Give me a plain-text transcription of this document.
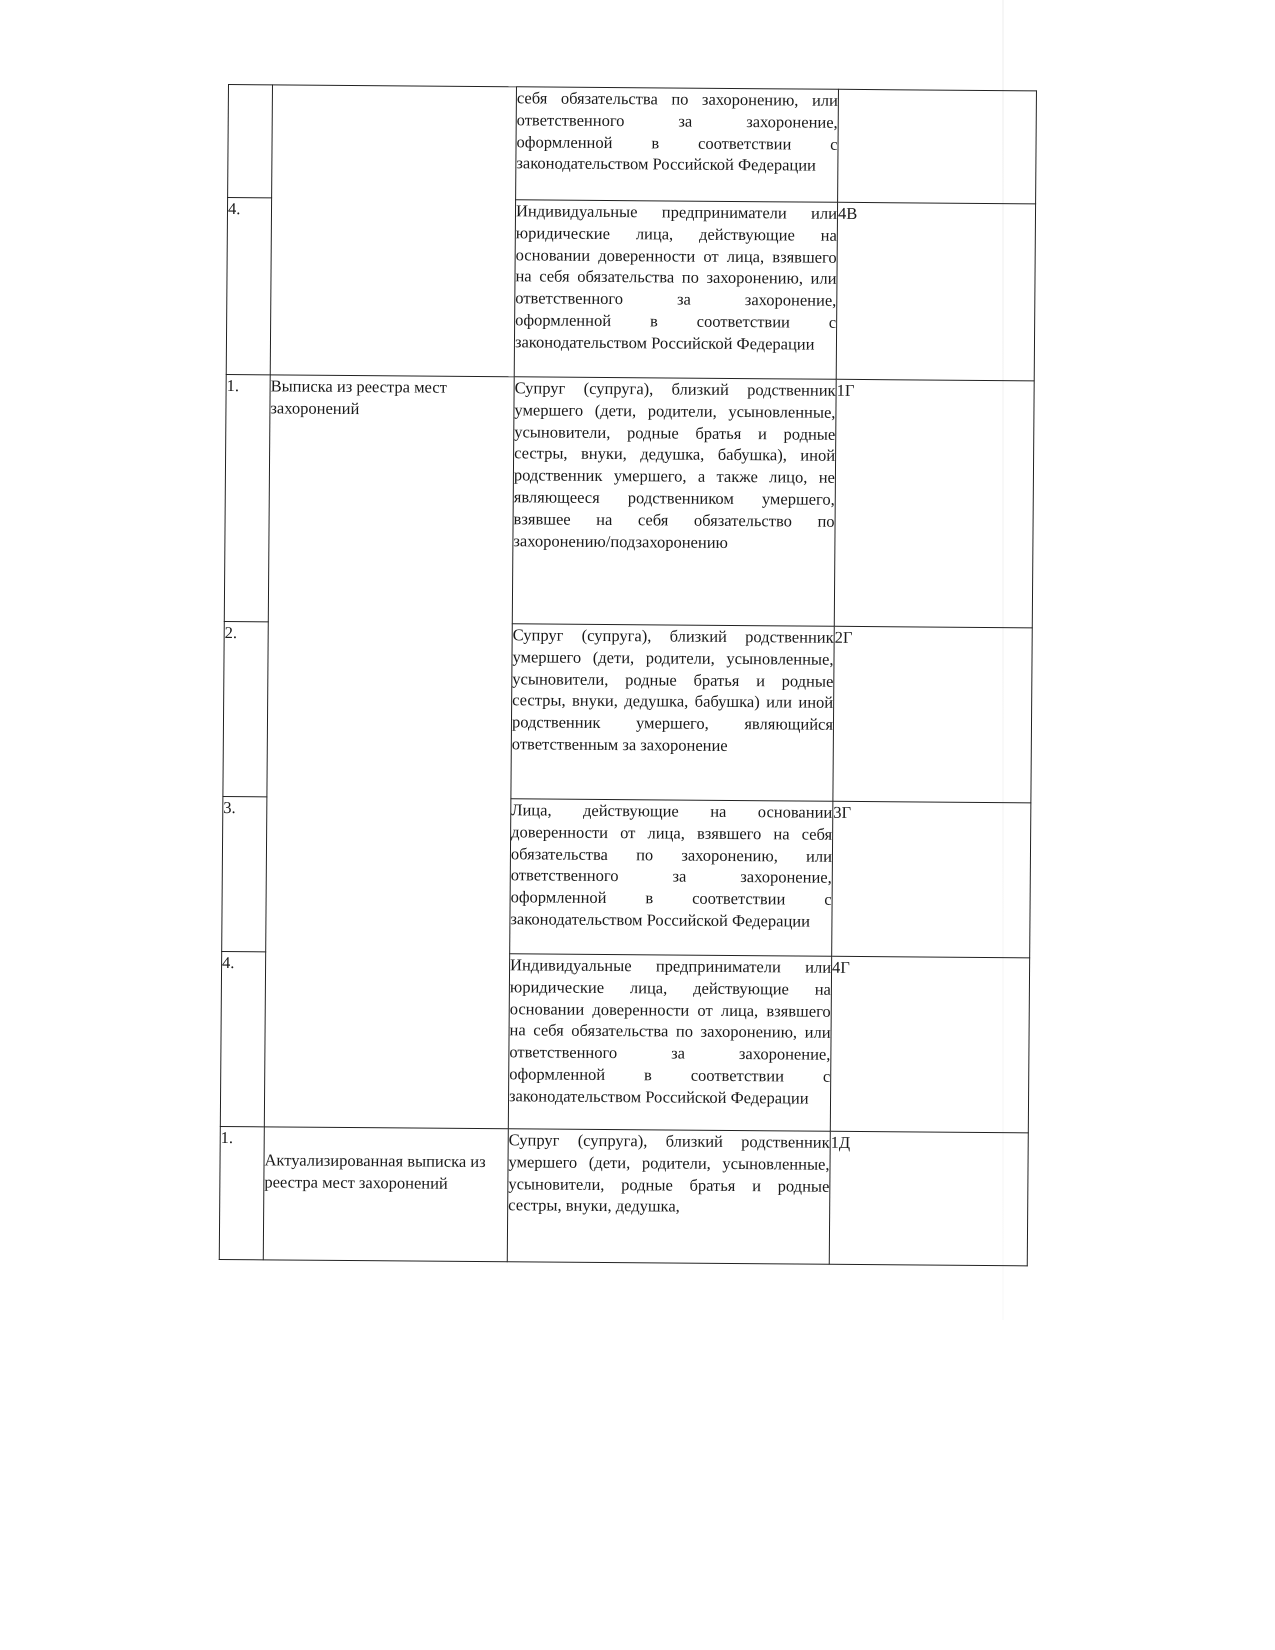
		себя обязательства по захоронению, или ответственного за захоронение, оформленной в соответствии с законодательством Российской Федерации	
4.		Индивидуальные предприниматели или юридические лица, действующие на основании доверенности от лица, взявшего на себя обязательства по захоронению, или ответственного за захоронение, оформленной в соответствии с законодательством Российской Федерации	4В
1.	Выписка из реестра мест захоронений	Супруг (супруга), близкий родственник умершего (дети, родители, усыновленные, усыновители, родные братья и родные сестры, внуки, дедушка, бабушка), иной родственник умершего, а также лицо, не являющееся родственником умершего, взявшее на себя обязательство по захоронению/подзахоронению	1Г
2.		Супруг (супруга), близкий родственник умершего (дети, родители, усыновленные, усыновители, родные братья и родные сестры, внуки, дедушка, бабушка) или иной родственник умершего, являющийся ответственным за захоронение	2Г
3.		Лица, действующие на основании доверенности от лица, взявшего на себя обязательства по захоронению, или ответственного за захоронение, оформленной в соответствии с законодательством Российской Федерации	3Г
4.		Индивидуальные предприниматели или юридические лица, действующие на основании доверенности от лица, взявшего на себя обязательства по захоронению, или ответственного за захоронение, оформленной в соответствии с законодательством Российской Федерации	4Г
1.	Актуализированная выписка из реестра мест захоронений	Супруг (супруга), близкий родственник умершего (дети, родители, усыновленные, усыновители, родные братья и родные сестры, внуки, дедушка,	1Д
